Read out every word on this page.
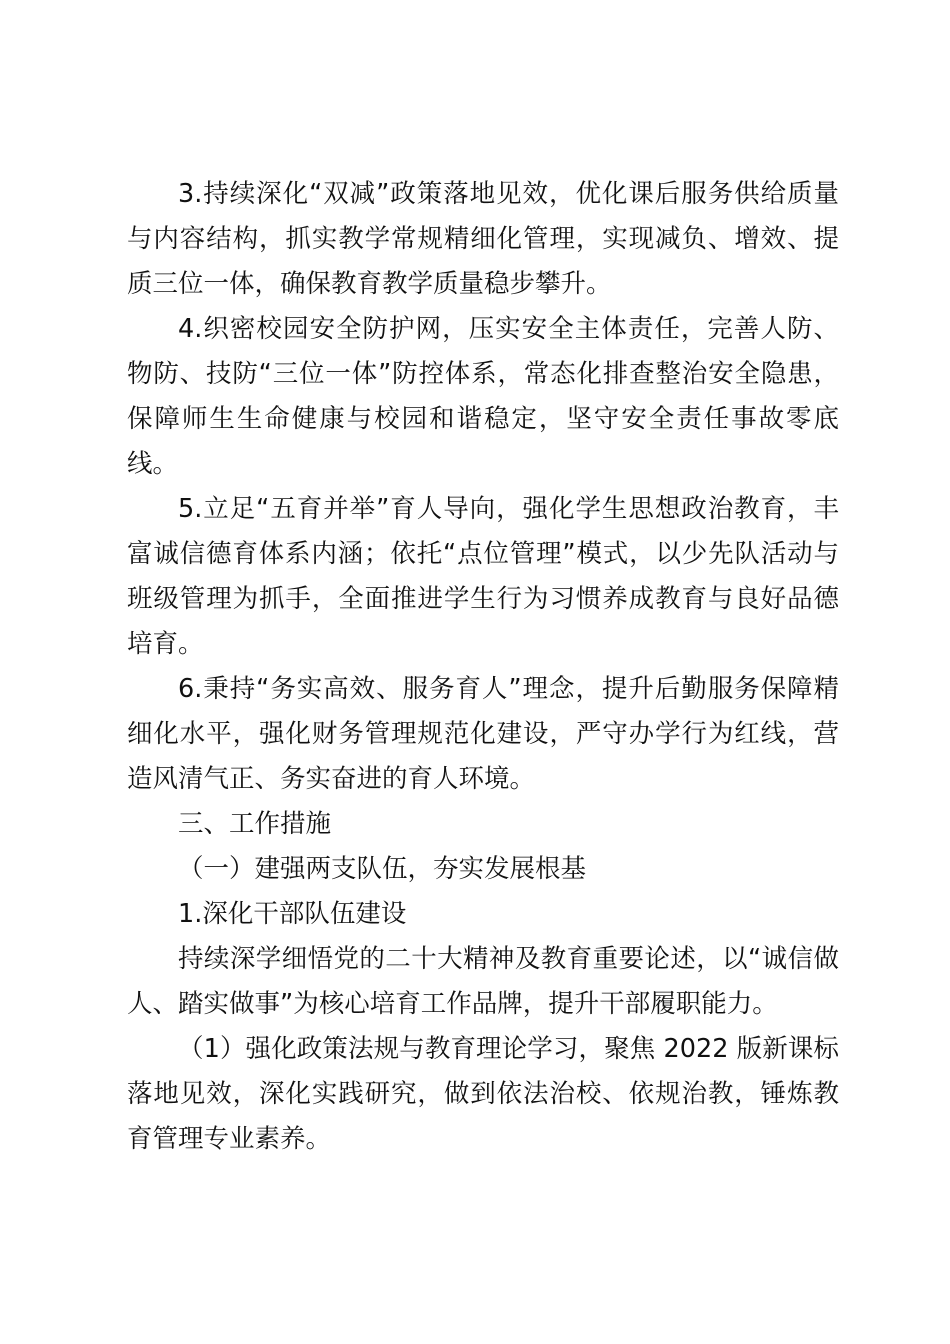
3.持续深化“双减”政策落地见效，优化课后服务供给质量与内容结构，抓实教学常规精细化管理，实现减负、增效、提质三位一体，确保教育教学质量稳步攀升。

4.织密校园安全防护网，压实安全主体责任，完善人防、物防、技防“三位一体”防控体系，常态化排查整治安全隐患，保障师生生命健康与校园和谐稳定，坚守安全责任事故零底线。

5.立足“五育并举”育人导向，强化学生思想政治教育，丰富诚信德育体系内涵；依托“点位管理”模式，以少先队活动与班级管理为抓手，全面推进学生行为习惯养成教育与良好品德培育。

6.秉持“务实高效、服务育人”理念，提升后勤服务保障精细化水平，强化财务管理规范化建设，严守办学行为红线，营造风清气正、务实奋进的育人环境。

三、工作措施

（一）建强两支队伍，夯实发展根基

1.深化干部队伍建设

持续深学细悟党的二十大精神及教育重要论述，以“诚信做人、踏实做事”为核心培育工作品牌，提升干部履职能力。

（1）强化政策法规与教育理论学习，聚焦 2022 版新课标落地见效，深化实践研究，做到依法治校、依规治教，锤炼教育管理专业素养。
